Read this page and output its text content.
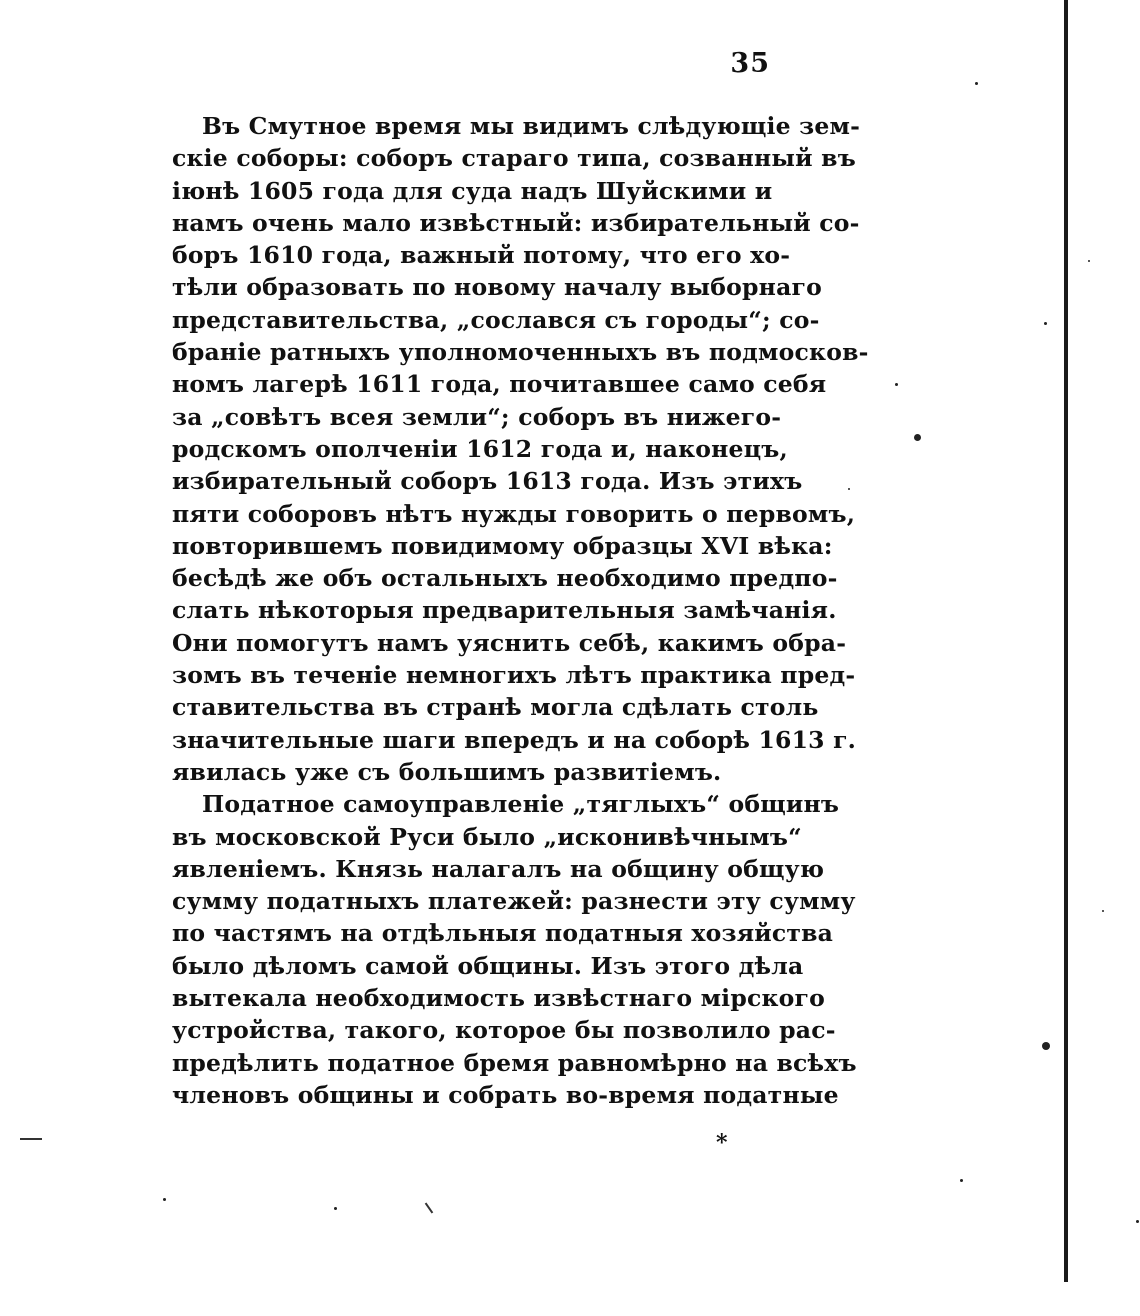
35
Въ Смутное время мы видимъ слѣдующіе зем-
скіе соборы: соборъ стараго типа, созванный въ
іюнѣ 1605 года для суда надъ Шуйскими и
намъ очень мало извѣстный: избирательный со-
боръ 1610 года, важный потому, что его хо-
тѣли образовать по новому началу выборнаго
представительства, „сослався съ городы“; со-
браніе ратныхъ уполномоченныхъ въ подмосков-
номъ лагерѣ 1611 года, почитавшее само себя
за „совѣтъ всея земли“; соборъ въ нижего-
родскомъ ополченіи 1612 года и, наконецъ,
избирательный соборъ 1613 года. Изъ этихъ
пяти соборовъ нѣтъ нужды говорить о первомъ,
повторившемъ повидимому образцы XVI вѣка:
бесѣдѣ же объ остальныхъ необходимо предпо-
слать нѣкоторыя предварительныя замѣчанія.
Они помогутъ намъ уяснить себѣ, какимъ обра-
зомъ въ теченіе немногихъ лѣтъ практика пред-
ставительства въ странѣ могла сдѣлать столь
значительные шаги впередъ и на соборѣ 1613 г.
явилась уже съ большимъ развитіемъ.
Податное самоуправленіе „тяглыхъ“ общинъ
въ московской Руси было „исконивѣчнымъ“
явленіемъ. Князь налагалъ на общину общую
сумму податныхъ платежей: разнести эту сумму
по частямъ на отдѣльныя податныя хозяйства
было дѣломъ самой общины. Изъ этого дѣла
вытекала необходимость извѣстнаго мірского
устройства, такого, которое бы позволило рас-
предѣлить податное бремя равномѣрно на всѣхъ
членовъ общины и собрать во-время податные
*
